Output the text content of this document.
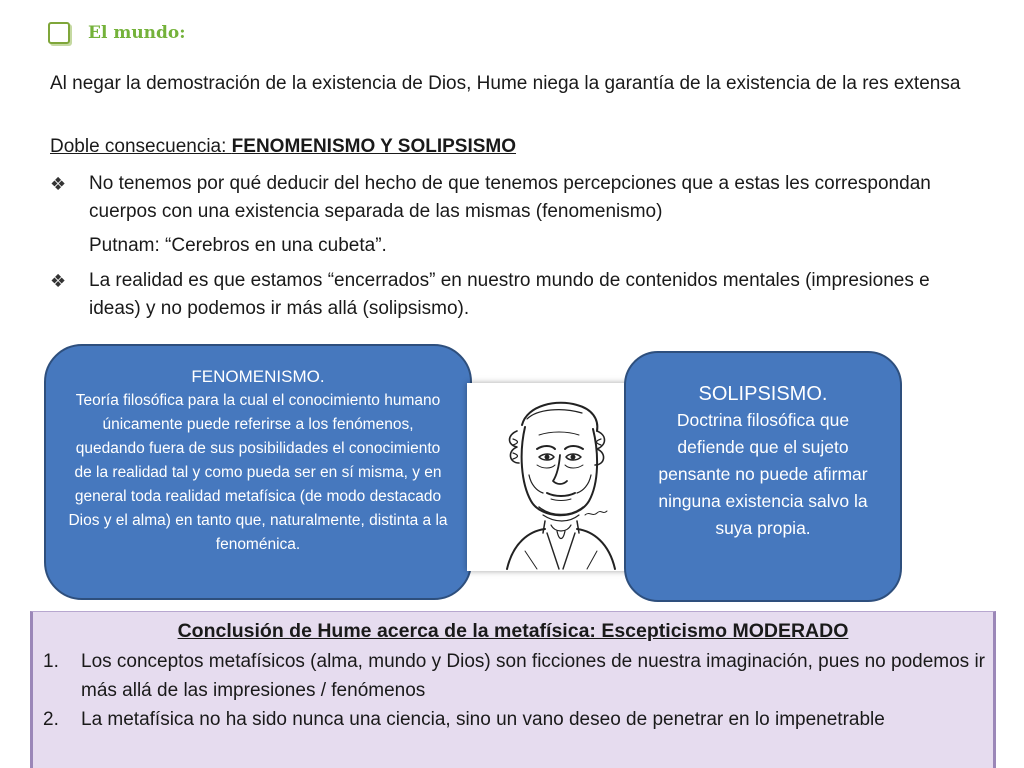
El mundo:
Al negar la demostración de la existencia de Dios, Hume niega la garantía de la existencia de la res extensa
Doble consecuencia: FENOMENISMO Y SOLIPSISMO
❖ No tenemos por qué deducir del hecho de que tenemos percepciones que a estas les correspondan cuerpos con una existencia separada de las mismas (fenomenismo)
Putnam: “Cerebros en una cubeta”.
❖ La realidad es que estamos “encerrados” en nuestro mundo de contenidos mentales (impresiones e ideas) y no podemos ir más allá (solipsismo).
FENOMENISMO.
Teoría filosófica para la cual el conocimiento humano únicamente puede referirse a los fenómenos, quedando fuera de sus posibilidades el conocimiento de la realidad tal y como pueda ser en sí misma, y en general toda realidad metafísica (de modo destacado Dios y el alma) en tanto que, naturalmente, distinta a la fenoménica.
SOLIPSISMO.
Doctrina filosófica que defiende que el sujeto pensante no puede afirmar ninguna existencia salvo la suya propia.
Conclusión de Hume acerca de la metafísica: Escepticismo MODERADO
1. Los conceptos metafísicos (alma, mundo y Dios) son ficciones de nuestra imaginación, pues no podemos ir más allá de las impresiones / fenómenos
2. La metafísica no ha sido nunca una ciencia, sino un vano deseo de penetrar en lo impenetrable
